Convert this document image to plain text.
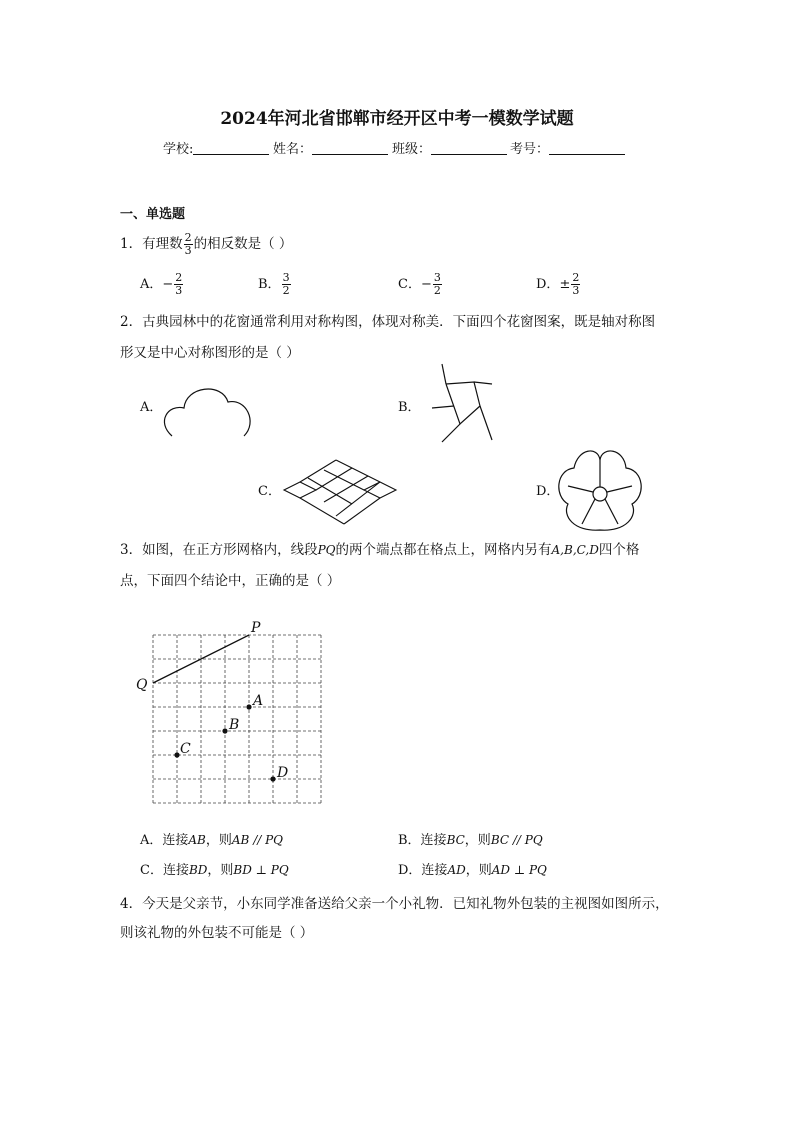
2024年河北省邯郸市经开区中考一模数学试题
学校:	姓名：	班级：	考号：
一、单选题
1．有理数 $\frac{2}{3}$ 的相反数是（ ）
A．− $\frac{2}{3}$	B． $\frac{3}{2}$	C．− $\frac{3}{2}$	D．± $\frac{2}{3}$
2．古典园林中的花窗通常利用对称构图，体现对称美．下面四个花窗图案，既是轴对称图
形又是中心对称图形的是（ ）
A．	B．
C．	D．
3．如图，在正方形网格内，线段PQ的两个端点都在格点上，网格内另有A,B,C,D四个格
点，下面四个结论中，正确的是（ ）
P
Q
A
B
C
D
A．连接AB，则AB // PQ	B．连接BC，则BC // PQ
C．连接BD，则BD ⊥ PQ	D．连接AD，则AD ⊥ PQ
4．今天是父亲节，小东同学准备送给父亲一个小礼物．已知礼物外包装的主视图如图所示，
则该礼物的外包装不可能是（ ）
